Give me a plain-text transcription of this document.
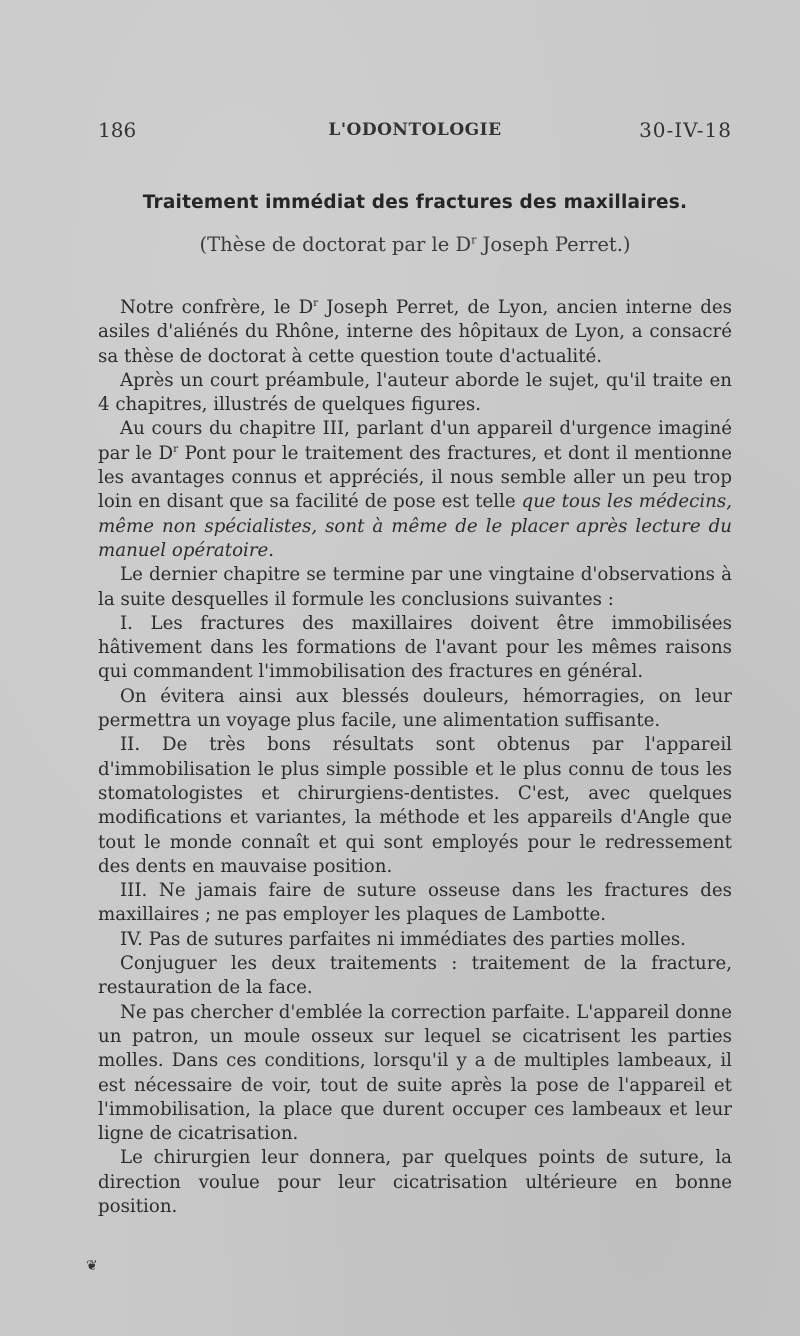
186	L'ODONTOLOGIE	30-IV-18
Traitement immédiat des fractures des maxillaires.
(Thèse de doctorat par le $D^r$ Joseph Perret.)

Notre confrère, le $D^r$ Joseph Perret, de Lyon, ancien interne des asiles d'aliénés du Rhône, interne des hôpitaux de Lyon, a consacré sa thèse de doctorat à cette question toute d'actualité.

Après un court préambule, l'auteur aborde le sujet, qu'il traite en 4 chapitres, illustrés de quelques figures.

Au cours du chapitre III, parlant d'un appareil d'urgence imaginé par le $D^r$ Pont pour le traitement des fractures, et dont il mentionne les avantages connus et appréciés, il nous semble aller un peu trop loin en disant que sa facilité de pose est telle que tous les médecins, même non spécialistes, sont à même de le placer après lecture du manuel opératoire.

Le dernier chapitre se termine par une vingtaine d'observations à la suite desquelles il formule les conclusions suivantes :

I. Les fractures des maxillaires doivent être immobilisées hâtivement dans les formations de l'avant pour les mêmes raisons qui commandent l'immobilisation des fractures en général.

On évitera ainsi aux blessés douleurs, hémorragies, on leur permettra un voyage plus facile, une alimentation suffisante.

II. De très bons résultats sont obtenus par l'appareil d'immobilisation le plus simple possible et le plus connu de tous les stomatologistes et chirurgiens-dentistes. C'est, avec quelques modifications et variantes, la méthode et les appareils d'Angle que tout le monde connaît et qui sont employés pour le redressement des dents en mauvaise position.

III. Ne jamais faire de suture osseuse dans les fractures des maxillaires ; ne pas employer les plaques de Lambotte.

IV. Pas de sutures parfaites ni immédiates des parties molles.

Conjuguer les deux traitements : traitement de la fracture, restauration de la face.

Ne pas chercher d'emblée la correction parfaite. L'appareil donne un patron, un moule osseux sur lequel se cicatrisent les parties molles. Dans ces conditions, lorsqu'il y a de multiples lambeaux, il est nécessaire de voir, tout de suite après la pose de l'appareil et l'immobilisation, la place que durent occuper ces lambeaux et leur ligne de cicatrisation.

Le chirurgien leur donnera, par quelques points de suture, la direction voulue pour leur cicatrisation ultérieure en bonne position.

❦
